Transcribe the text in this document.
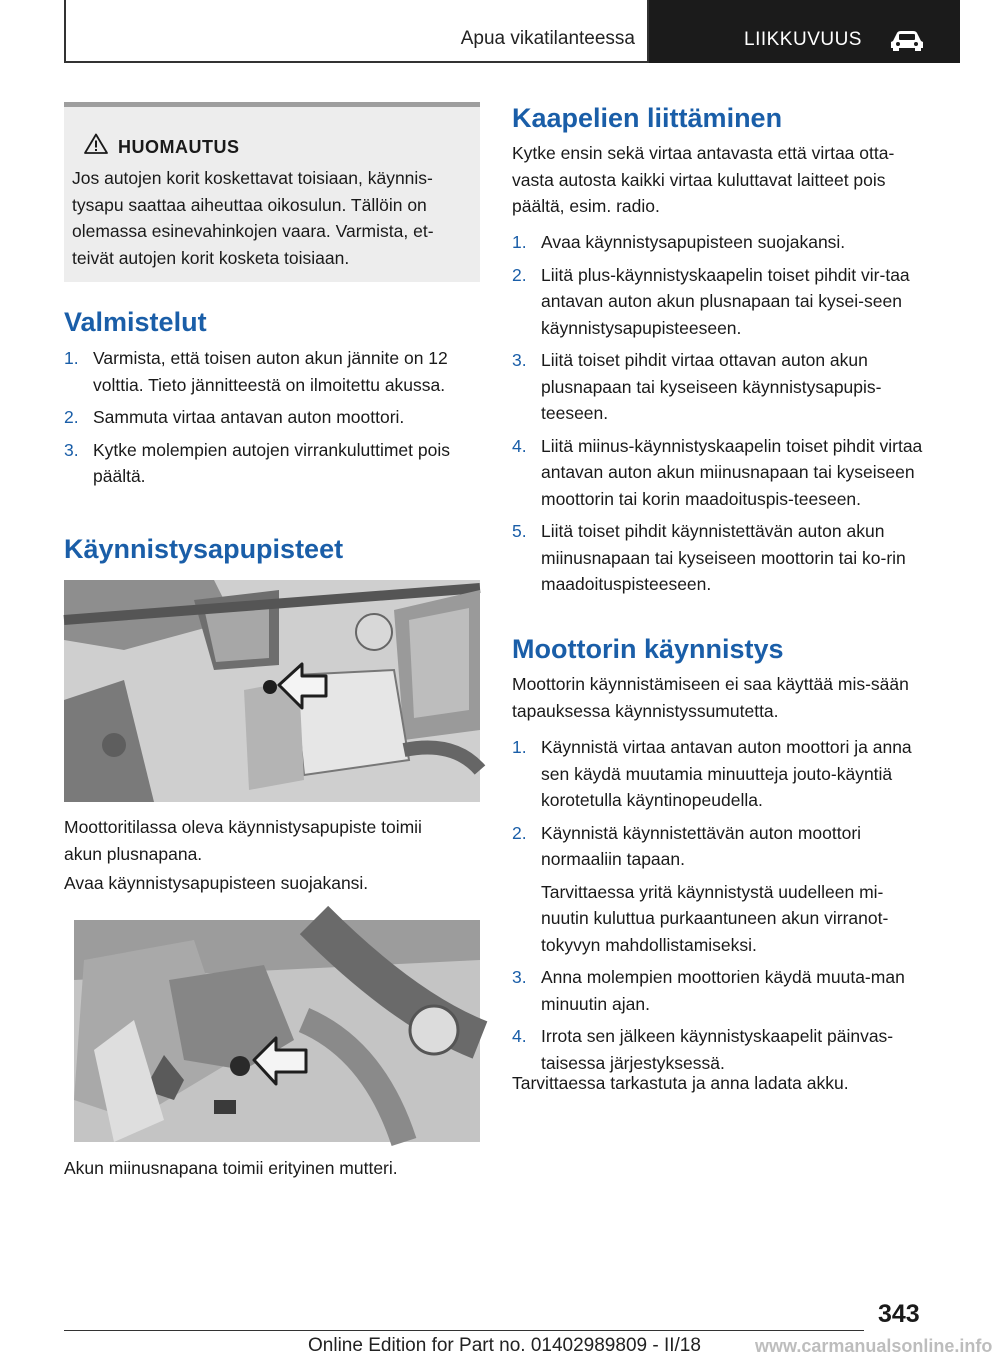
Apua vikatilanteessa	LIIKKUVUUS
HUOMAUTUS
Jos autojen korit koskettavat toisiaan, käynnis‐tysapu saattaa aiheuttaa oikosulun. Tällöin on olemassa esinevahinkojen vaara. Varmista, et‐teivät autojen korit kosketa toisiaan.
Valmistelut
1. Varmista, että toisen auton akun jännite on 12 volttia. Tieto jännitteestä on ilmoitettu akussa.
2. Sammuta virtaa antavan auton moottori.
3. Kytke molempien autojen virrankuluttimet pois päältä.
Käynnistysapupisteet

Moottoritilassa oleva käynnistysapupiste toimii akun plusnapana.

Avaa käynnistysapupisteen suojakansi.

Akun miinusnapana toimii erityinen mutteri.

Kaapelien liittäminen

Kytke ensin sekä virtaa antavasta että virtaa otta‐vasta autosta kaikki virtaa kuluttavat laitteet pois päältä, esim. radio.

1. Avaa käynnistysapupisteen suojakansi.
2. Liitä plus-käynnistyskaapelin toiset pihdit vir‐taa antavan auton akun plusnapaan tai kysei‐seen käynnistysapupisteeseen.
3. Liitä toiset pihdit virtaa ottavan auton akun plusnapaan tai kyseiseen käynnistysapupis‐teeseen.
4. Liitä miinus-käynnistyskaapelin toiset pihdit virtaa antavan auton akun miinusnapaan tai kyseiseen moottorin tai korin maadoituspis‐teeseen.
5. Liitä toiset pihdit käynnistettävän auton akun miinusnapaan tai kyseiseen moottorin tai ko‐rin maadoituspisteeseen.
Moottorin käynnistys

Moottorin käynnistämiseen ei saa käyttää mis‐sään tapauksessa käynnistyssumutetta.

1. Käynnistä virtaa antavan auton moottori ja anna sen käydä muutamia minuutteja jouto‐käyntiä korotetulla käyntinopeudella.
2. Käynnistä käynnistettävän auton moottori normaaliin tapaan.
Tarvittaessa yritä käynnistystä uudelleen mi‐nuutin kuluttua purkaantuneen akun virranot‐tokyvyn mahdollistamiseksi.
3. Anna molempien moottorien käydä muuta‐man minuutin ajan.
4. Irrota sen jälkeen käynnistyskaapelit päinvas‐taisessa järjestyksessä.

Tarvittaessa tarkastuta ja anna ladata akku.

343
Online Edition for Part no. 01402989809 - II/18	www.carmanualsonline.info
